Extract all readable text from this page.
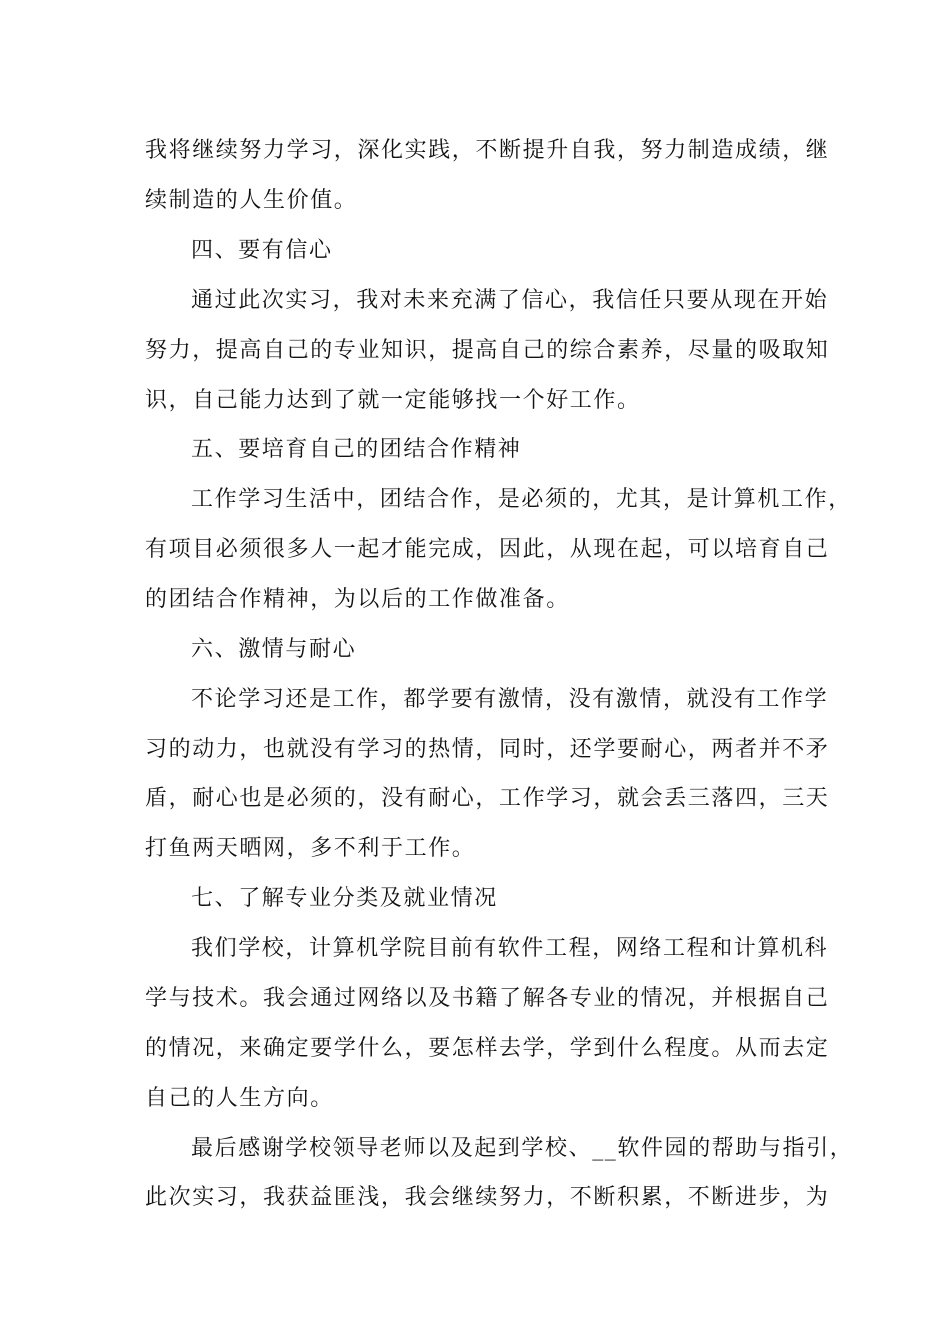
我将继续努力学习，深化实践，不断提升自我，努力制造成绩，继

续制造的人生价值。

四、要有信心

通过此次实习，我对未来充满了信心，我信任只要从现在开始

努力，提高自己的专业知识，提高自己的综合素养，尽量的吸取知

识，自己能力达到了就一定能够找一个好工作。

五、要培育自己的团结合作精神

工作学习生活中，团结合作，是必须的，尤其，是计算机工作，

有项目必须很多人一起才能完成，因此，从现在起，可以培育自己

的团结合作精神，为以后的工作做准备。

六、激情与耐心

不论学习还是工作，都学要有激情，没有激情，就没有工作学

习的动力，也就没有学习的热情，同时，还学要耐心，两者并不矛

盾，耐心也是必须的，没有耐心，工作学习，就会丢三落四，三天

打鱼两天晒网，多不利于工作。

七、了解专业分类及就业情况

我们学校，计算机学院目前有软件工程，网络工程和计算机科

学与技术。我会通过网络以及书籍了解各专业的情况，并根据自己

的情况，来确定要学什么，要怎样去学，学到什么程度。从而去定

自己的人生方向。

最后感谢学校领导老师以及起到学校、__软件园的帮助与指引，

此次实习，我获益匪浅，我会继续努力，不断积累，不断进步，为
